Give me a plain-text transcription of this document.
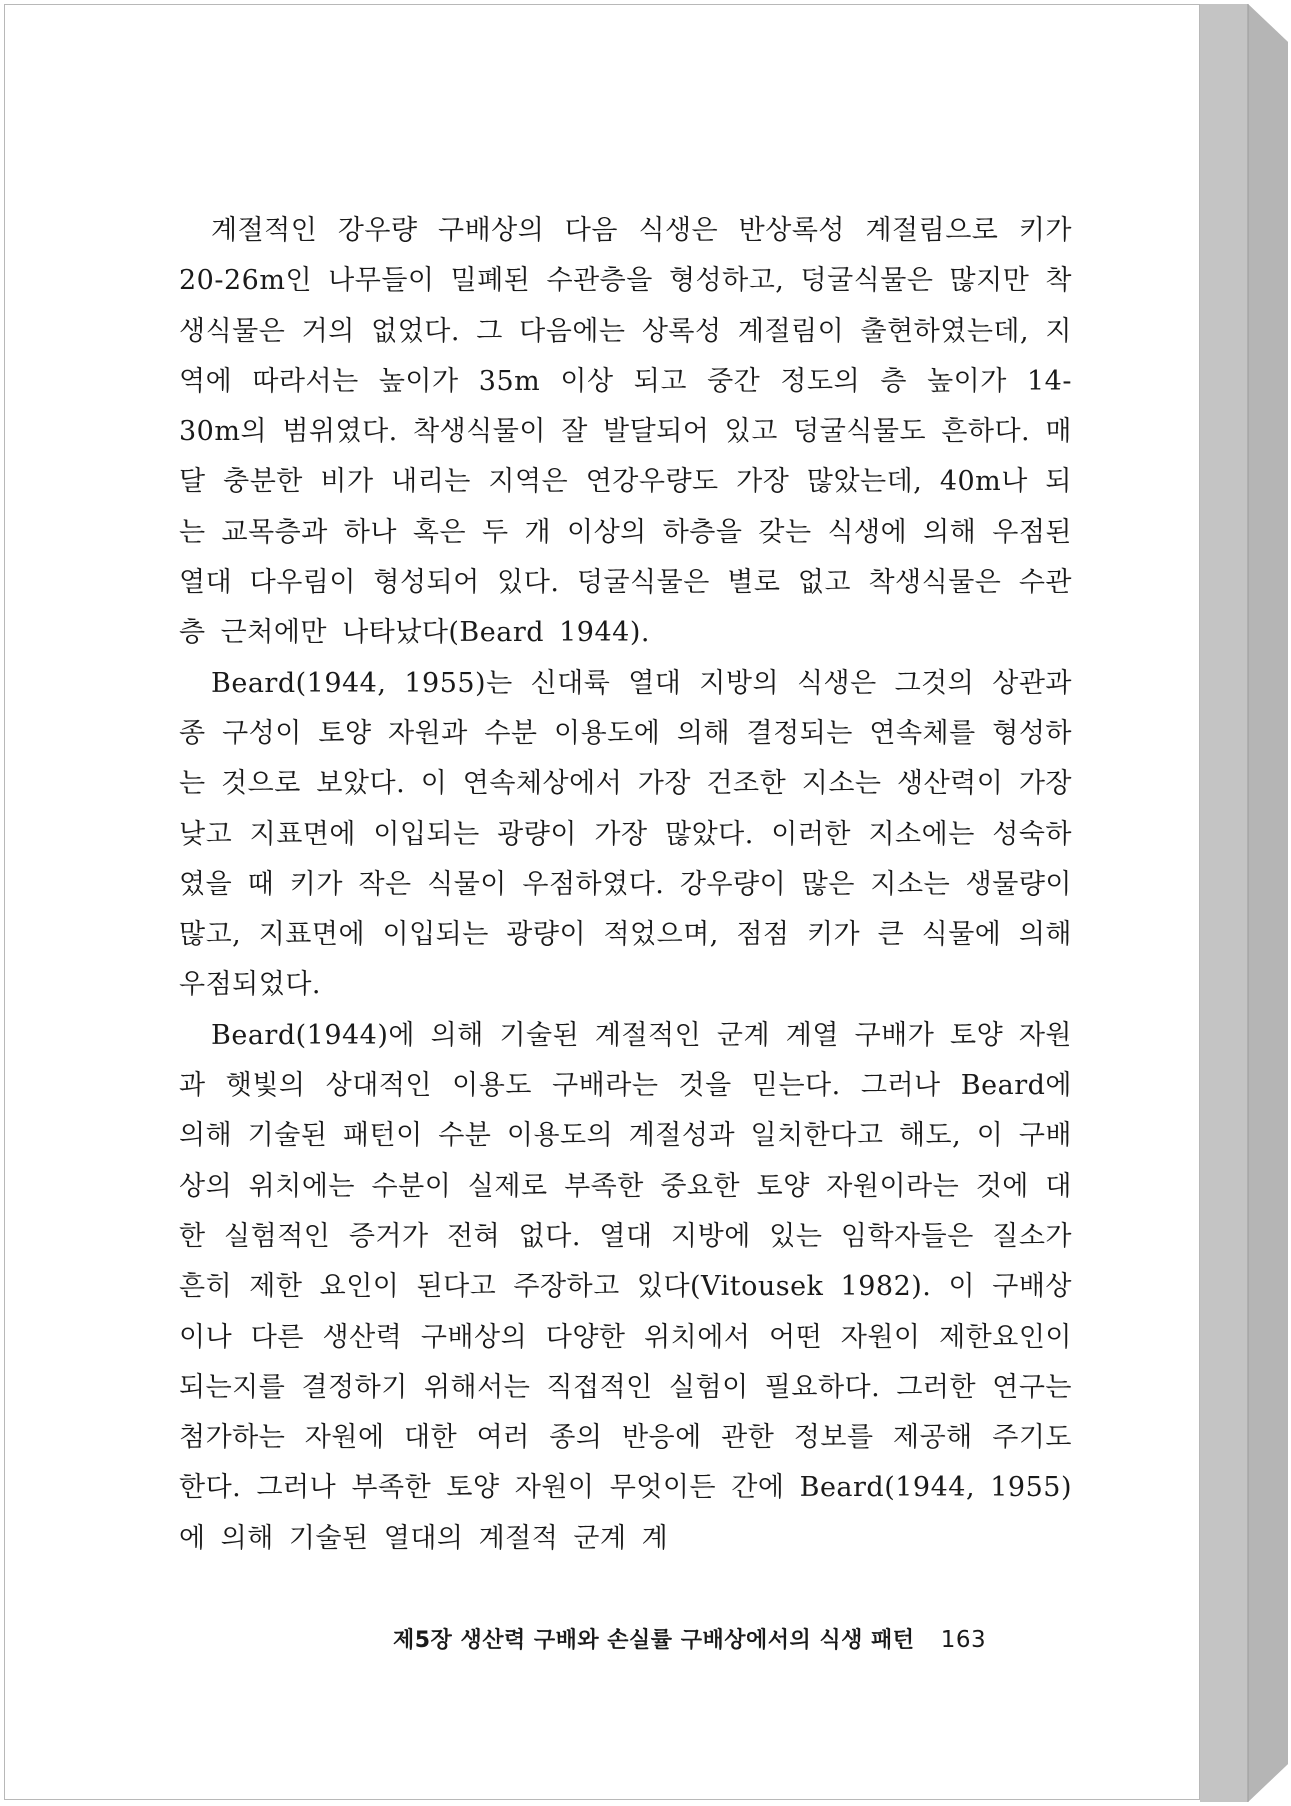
계절적인 강우량 구배상의 다음 식생은 반상록성 계절림으로 키가 20-26m인 나무들이 밀폐된 수관층을 형성하고, 덩굴식물은 많지만 착생식물은 거의 없었다. 그 다음에는 상록성 계절림이 출현하였는데, 지역에 따라서는 높이가 35m 이상 되고 중간 정도의 층 높이가 14-30m의 범위였다. 착생식물이 잘 발달되어 있고 덩굴식물도 흔하다. 매달 충분한 비가 내리는 지역은 연강우량도 가장 많았는데, 40m나 되는 교목층과 하나 혹은 두 개 이상의 하층을 갖는 식생에 의해 우점된 열대 다우림이 형성되어 있다. 덩굴식물은 별로 없고 착생식물은 수관층 근처에만 나타났다(Beard 1944).

Beard(1944, 1955)는 신대륙 열대 지방의 식생은 그것의 상관과 종 구성이 토양 자원과 수분 이용도에 의해 결정되는 연속체를 형성하는 것으로 보았다. 이 연속체상에서 가장 건조한 지소는 생산력이 가장 낮고 지표면에 이입되는 광량이 가장 많았다. 이러한 지소에는 성숙하였을 때 키가 작은 식물이 우점하였다. 강우량이 많은 지소는 생물량이 많고, 지표면에 이입되는 광량이 적었으며, 점점 키가 큰 식물에 의해 우점되었다.

Beard(1944)에 의해 기술된 계절적인 군계 계열 구배가 토양 자원과 햇빛의 상대적인 이용도 구배라는 것을 믿는다. 그러나 Beard에 의해 기술된 패턴이 수분 이용도의 계절성과 일치한다고 해도, 이 구배상의 위치에는 수분이 실제로 부족한 중요한 토양 자원이라는 것에 대한 실험적인 증거가 전혀 없다. 열대 지방에 있는 임학자들은 질소가 흔히 제한 요인이 된다고 주장하고 있다(Vitousek 1982). 이 구배상이나 다른 생산력 구배상의 다양한 위치에서 어떤 자원이 제한요인이 되는지를 결정하기 위해서는 직접적인 실험이 필요하다. 그러한 연구는 첨가하는 자원에 대한 여러 종의 반응에 관한 정보를 제공해 주기도 한다. 그러나 부족한 토양 자원이 무엇이든 간에 Beard(1944, 1955)에 의해 기술된 열대의 계절적 군계 계

제5장 생산력 구배와 손실률 구배상에서의 식생 패턴 163
